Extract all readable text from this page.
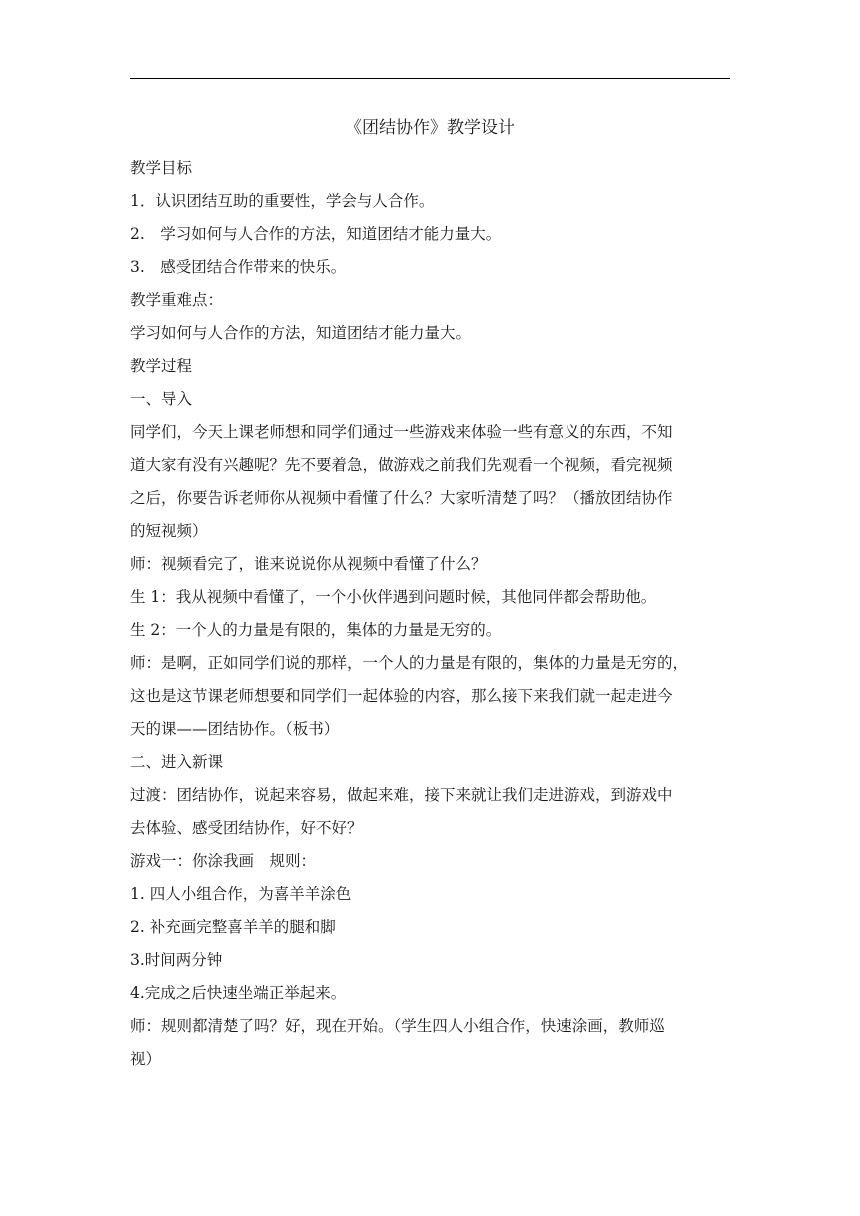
《团结协作》教学设计
教学目标
1．认识团结互助的重要性，学会与人合作。
2.　学习如何与人合作的方法，知道团结才能力量大。
3.　感受团结合作带来的快乐。
教学重难点：
学习如何与人合作的方法，知道团结才能力量大。
教学过程
一、导入
同学们，今天上课老师想和同学们通过一些游戏来体验一些有意义的东西，不知
道大家有没有兴趣呢？先不要着急，做游戏之前我们先观看一个视频，看完视频
之后，你要告诉老师你从视频中看懂了什么？大家听清楚了吗？（播放团结协作
的短视频）
师：视频看完了，谁来说说你从视频中看懂了什么？
生 1：我从视频中看懂了，一个小伙伴遇到问题时候，其他同伴都会帮助他。
生 2：一个人的力量是有限的，集体的力量是无穷的。
师：是啊，正如同学们说的那样，一个人的力量是有限的，集体的力量是无穷的，
这也是这节课老师想要和同学们一起体验的内容，那么接下来我们就一起走进今
天的课——团结协作。（板书）
二、进入新课
过渡：团结协作，说起来容易，做起来难，接下来就让我们走进游戏，到游戏中
去体验、感受团结协作，好不好？
游戏一：你涂我画　规则：
1. 四人小组合作，为喜羊羊涂色
2. 补充画完整喜羊羊的腿和脚
3.时间两分钟
4.完成之后快速坐端正举起来。
师：规则都清楚了吗？好，现在开始。（学生四人小组合作，快速涂画，教师巡
视）
